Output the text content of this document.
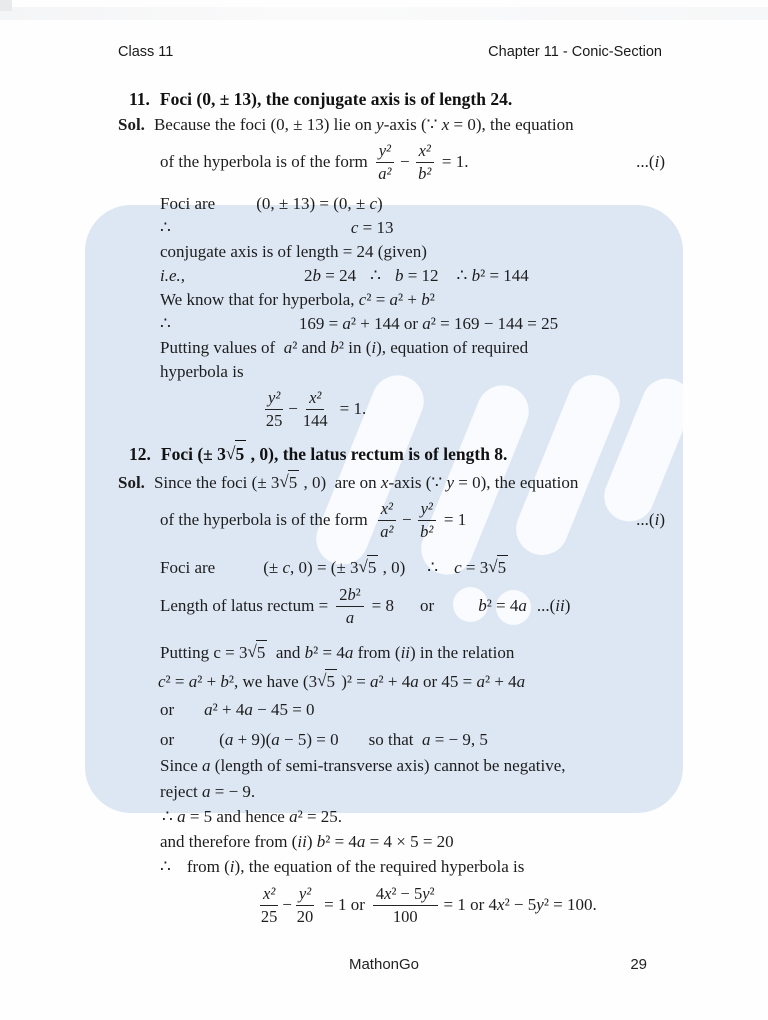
Class 11	Chapter 11 - Conic-Section
11. Foci (0, ± 13), the conjugate axis is of length 24.
Sol. Because the foci (0, ± 13) lie on y -axis (∵ x = 0), the equation
of the hyperbola is of the form $\frac{\text{y²}}{\text{a²}} - \frac{\text{x²}}{\text{b²}} = 1$.	...( i )
Foci are (0, ± 13) = (0, ± c )
∴	c = 13
conjugate axis is of length = 24 (given)
i.e.,	2 b = 24 ∴ b = 12 ∴ b ² = 144
We know that for hyperbola, c ² = a ² + b ²
∴	169 = a ² + 144 or a ² = 169 − 144 = 25
Putting values of a ² and b ² in ( i ), equation of required
hyperbola is
$\frac{\text{y²}}{25} - \frac{\text{x²}}{144} = 1$.
12. Foci (± 3 √ 5 , 0), the latus rectum is of length 8.
Sol. Since the foci (± 3 √ 5 , 0)  are on x -axis (∵ y = 0), the equation
of the hyperbola is of the form $\frac{\text{x²}}{\text{a²}} - \frac{\text{y²}}{\text{b²}} = 1$	...( i )
Foci are	(± c , 0) = (± 3 √ 5 , 0) ∴ c = 3 √ 5
Length of latus rectum = $\frac{\text{2 b ²}}{a} = 8$ or	b ² = 4 a ...( ii )
Putting c = 3 √ 5 and b ² = 4 a from ( ii ) in the relation
c ² = a ² + b ², we have (3 √ 5 )² = a ² + 4 a or 45 = a ² + 4 a
or a ² + 4 a − 45 = 0
or	( a + 9)( a − 5) = 0 so that a = − 9, 5
Since a (length of semi-transverse axis) cannot be negative,
reject a = − 9.
∴ a = 5 and hence a ² = 25.
and therefore from ( ii ) b ² = 4 a = 4 × 5 = 20
∴ from ( i ), the equation of the required hyperbola is
$\frac{\text{x²}}{25} - \frac{\text{y²}}{20} = 1$ or $\frac{\text{4 x ² − 5 y ²}}{100} = 1$ or 4 x ² − 5 y ² = 100.
MathonGo	29
